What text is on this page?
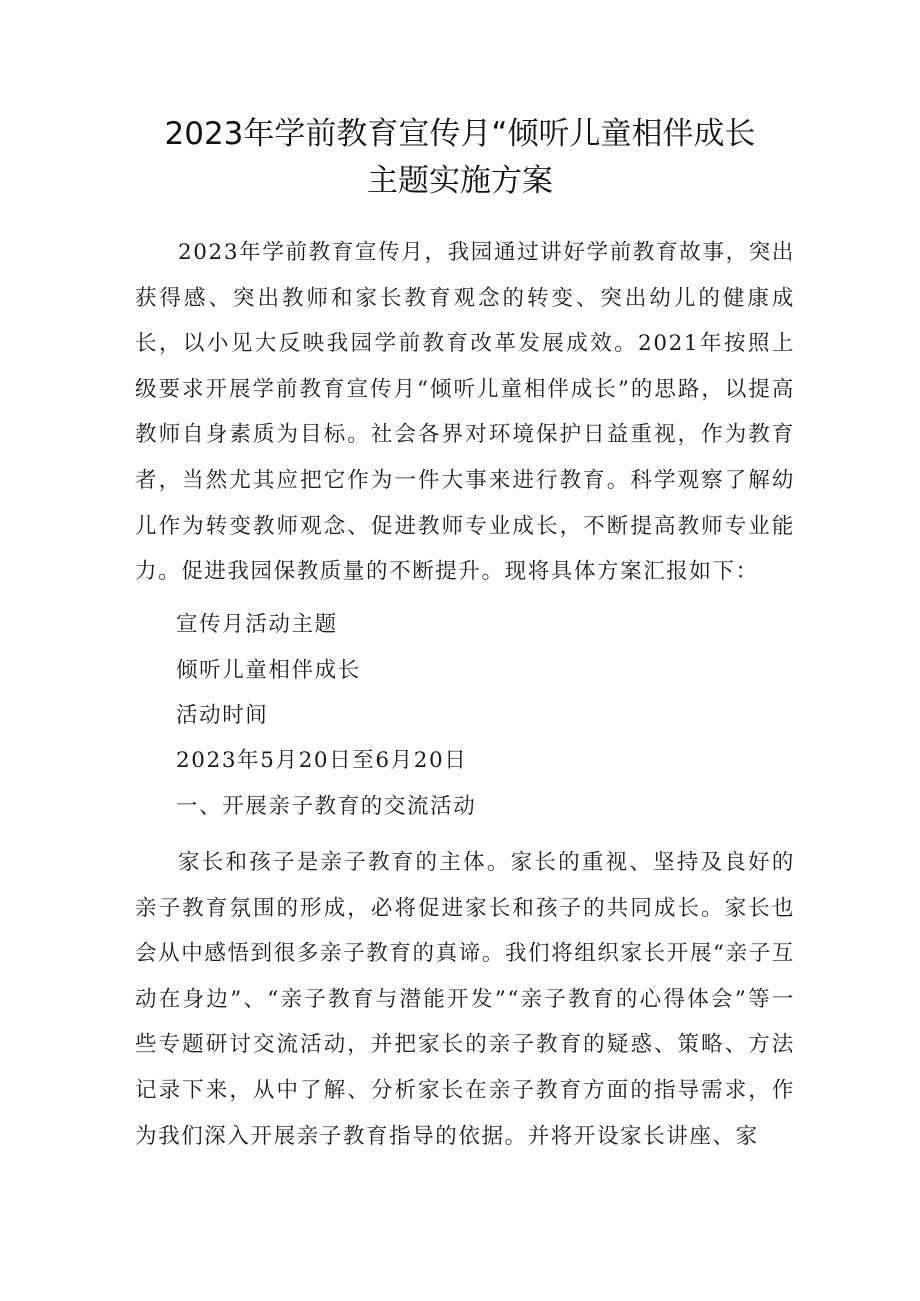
2023年学前教育宣传月“倾听儿童相伴成长
主题实施方案

2023年学前教育宣传月，我园通过讲好学前教育故事，突出获得感、突出教师和家长教育观念的转变、突出幼儿的健康成长，以小见大反映我园学前教育改革发展成效。2021年按照上级要求开展学前教育宣传月“倾听儿童相伴成长”的思路，以提高教师自身素质为目标。社会各界对环境保护日益重视，作为教育者，当然尤其应把它作为一件大事来进行教育。科学观察了解幼儿作为转变教师观念、促进教师专业成长，不断提高教师专业能力。促进我园保教质量的不断提升。现将具体方案汇报如下：

宣传月活动主题

倾听儿童相伴成长

活动时间

2023年5月20日至6月20日

一、开展亲子教育的交流活动

家长和孩子是亲子教育的主体。家长的重视、坚持及良好的亲子教育氛围的形成，必将促进家长和孩子的共同成长。家长也会从中感悟到很多亲子教育的真谛。我们将组织家长开展“亲子互动在身边”、“亲子教育与潜能开发”“亲子教育的心得体会”等一些专题研讨交流活动，并把家长的亲子教育的疑惑、策略、方法记录下来，从中了解、分析家长在亲子教育方面的指导需求，作为我们深入开展亲子教育指导的依据。并将开设家长讲座、家
